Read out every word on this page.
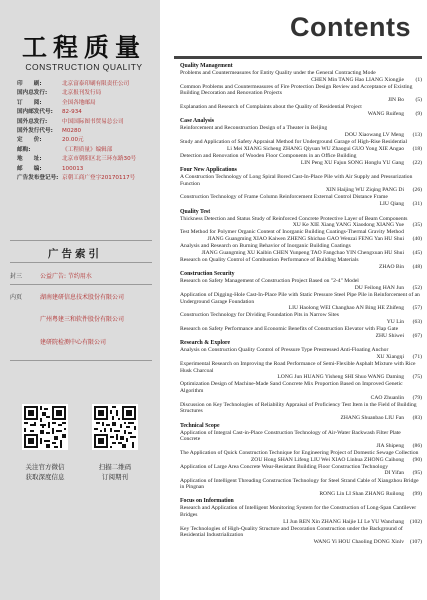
工程质量
CONSTRUCTION QUALITY
印　　刷:	北京富泰印刷有限责任公司
国内总发行:	北京报刊发行局
订　　阅:	全国各地邮局
国内邮发代号:	82-934
国外总发行:	中国国际图书贸易总公司
国外发行代号:	M0280
定　　价:	20.00元
邮购:	《工程质量》编辑部
地　　址:	北京市朝阳区北三环东路30号
邮　　编:	100013
广告发布登记号: 京朝工商广登字20170117号
广告索引
封三	公益广告: 节约用水
内页	湖南建研信息技术股份有限公司
广州粤建三和软件股份有限公司
建研院检测中心有限公司
关注官方微信
获取深度信息
扫描二维码
订阅期刊
Contents
Quality Management
Problems and Countermeasures for Entity Quality under the General Contracting Mode
CHEN Min TANG Hao LIANG Xiongjie	(1)
Common Problems and Countermeasures of Fire Protection Design Review and Acceptance of Existing Building Decoration and Renovation Projects
JIN Bo	(5)
Explanation and Research of Complaints about the Quality of Residential Project
WANG Ruifeng	(9)
Case Analysis
Reinforcement and Reconstruction Design of a Theater in Beijing
DOU Xiaowang LV Meng	(13)
Study and Application of Safety Appraisal Method for Underground Garage of High-Rise Residential
Li Mei XIANG Sicheng ZHANG Qiyuan WU Zhaogui GUO Yong XIE Angao	(18)
Detection and Renovation of Wooden Floor Components in an Office Building
LIN Peng XU Fajun SONG Honglu YU Gang	(22)
Four New Applications
A Construction Technology of Long Spiral Bored Cast-In-Place Pile with Air Supply and Pressurization Function
XIN Haijing WU Ziqing PANG Di	(26)
Construction Technology of Frame Column Reinforcement External Control Distance Frame
LIU Qiang	(31)
Quality Test
Thickness Detection and Status Study of Reinforced Concrete Protective Layer of Beam Components
XU Ke XIE Xiang YANG Xiaodong XIANG Yue	(35)
Test Method for Polymer Organic Content of Inorganic Building Coatings-Thermal Gravity Method
JIANG Guangming XIAO Kaiwen ZHENG Shichao GAO Wenzai FENG Yan HU Shui	(40)
Analysis and Research on Burning Behavior of Inorganic Building Coatings
JIANG Guangming XU Kaibin CHEN Yunpeng TAO Fangchao YIN Chengxuan HU Shui	(45)
Research on Quality Control of Combustion Performance of Building Materials
ZHAO Bin	(48)
Construction Security
Research on Safety Management of Construction Project Based on "2-4" Model
DU Feilong HAN Jun	(52)
Application of Digging-Hole Cast-In-Place Pile with Static Pressure Steel Pipe Pile in Reinforcement of an Underground Garage Foundation
LIU Haolong WEI Changhao AN Bing HE Zhifeng	(57)
Construction Technology for Dividing Foundation Pits in Narrow Sites
YU Lin	(63)
Research on Safety Performance and Economic Benefits of Construction Elevator with Flap Gate
ZHU Shiwei	(67)
Research & Explore
Analysis on Construction Quality Control of Pressure Type Prestressed Anti-Floating Anchor
XU Xiangqi	(71)
Experimental Research on Improving the Road Performance of Semi-Flexible Asphalt Mixture with Rice Husk Charcoal
LONG Jun HUANG Yisheng SHI Shuo WANG Daming	(75)
Optimization Design of Machine-Made Sand Concrete Mix Proportion Based on Improved Genetic Algorithm
CAO Zhuanlin	(79)
Discussion on Key Technologies of Reliability Appraisal of Proficiency Test Item in the Field of Building Structures
ZHANG Shuanbao LIU Fan	(83)
Technical Scope
Application of Integral Cast-in-Place Construction Technology of Air-Water Backwash Filter Plate Concrete
JIA Shipeng	(86)
The Application of Quick Construction Technique for Engineering Project of Domestic Sewage Collection
ZOU Hong SHAN Lifeng LIU Wei XIAO Linhua ZHONG Caihong	(90)
Application of Large Area Concrete Wear-Resistant Building Floor Construction Technology
DI Yifan	(95)
Application of Intelligent Threading Construction Technology for Steel Strand Cable of Xiangzhou Bridge in Pingnan
RONG Lin LI Shan ZHANG Ruilong	(99)
Focus on Information
Research and Application of Intelligent Monitoring System for the Construction of Long-Span Cantilever Bridges
LI Jun REN Xin ZHANG Haijie LI Le YU Wanchang	(102)
Key Technologies of High-Quality Structure and Decoration Construction under the Background of Residential Industrialization
WANG Yi HOU Chaoling DONG Xinlv	(107)
